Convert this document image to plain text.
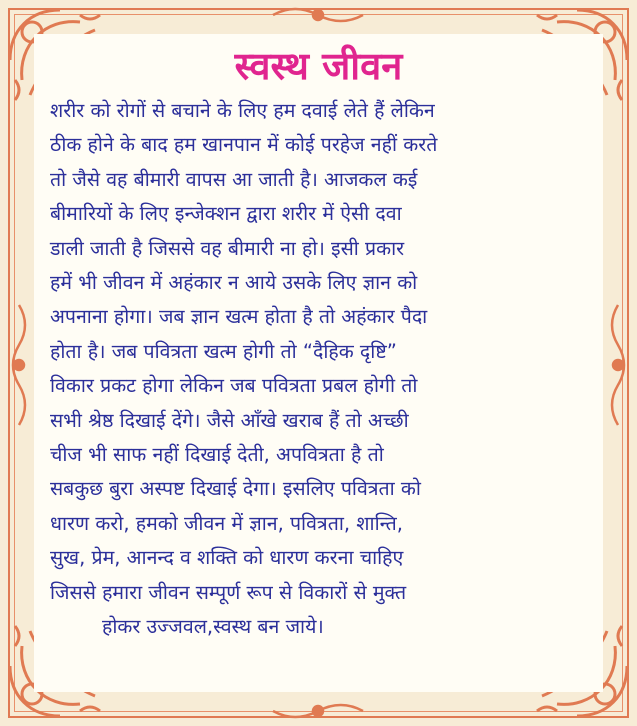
स्वस्थ जीवन
शरीर को रोगों से बचाने के लिए हम दवाई लेते हैं लेकिन
ठीक होने के बाद हम खानपान में कोई परहेज नहीं करते
तो जैसे वह बीमारी वापस आ जाती है। आजकल कई
बीमारियों के लिए इन्जेक्शन द्वारा शरीर में ऐसी दवा
डाली जाती है जिससे वह बीमारी ना हो। इसी प्रकार
हमें भी जीवन में अहंकार न आये उसके लिए ज्ञान को
अपनाना होगा। जब ज्ञान खत्म होता है तो अहंकार पैदा
होता है। जब पवित्रता खत्म होगी तो “दैहिक दृष्टि”
विकार प्रकट होगा लेकिन जब पवित्रता प्रबल होगी तो
सभी श्रेष्ठ दिखाई देंगे। जैसे आँखे खराब हैं तो अच्छी
चीज भी साफ नहीं दिखाई देती, अपवित्रता है तो
सबकुछ बुरा अस्पष्ट दिखाई देगा। इसलिए पवित्रता को
धारण करो, हमको जीवन में ज्ञान, पवित्रता, शान्ति,
सुख, प्रेम, आनन्द व शक्ति को धारण करना चाहिए
जिससे हमारा जीवन सम्पूर्ण रूप से विकारों से मुक्त
होकर उज्जवल,स्वस्थ बन जाये।
